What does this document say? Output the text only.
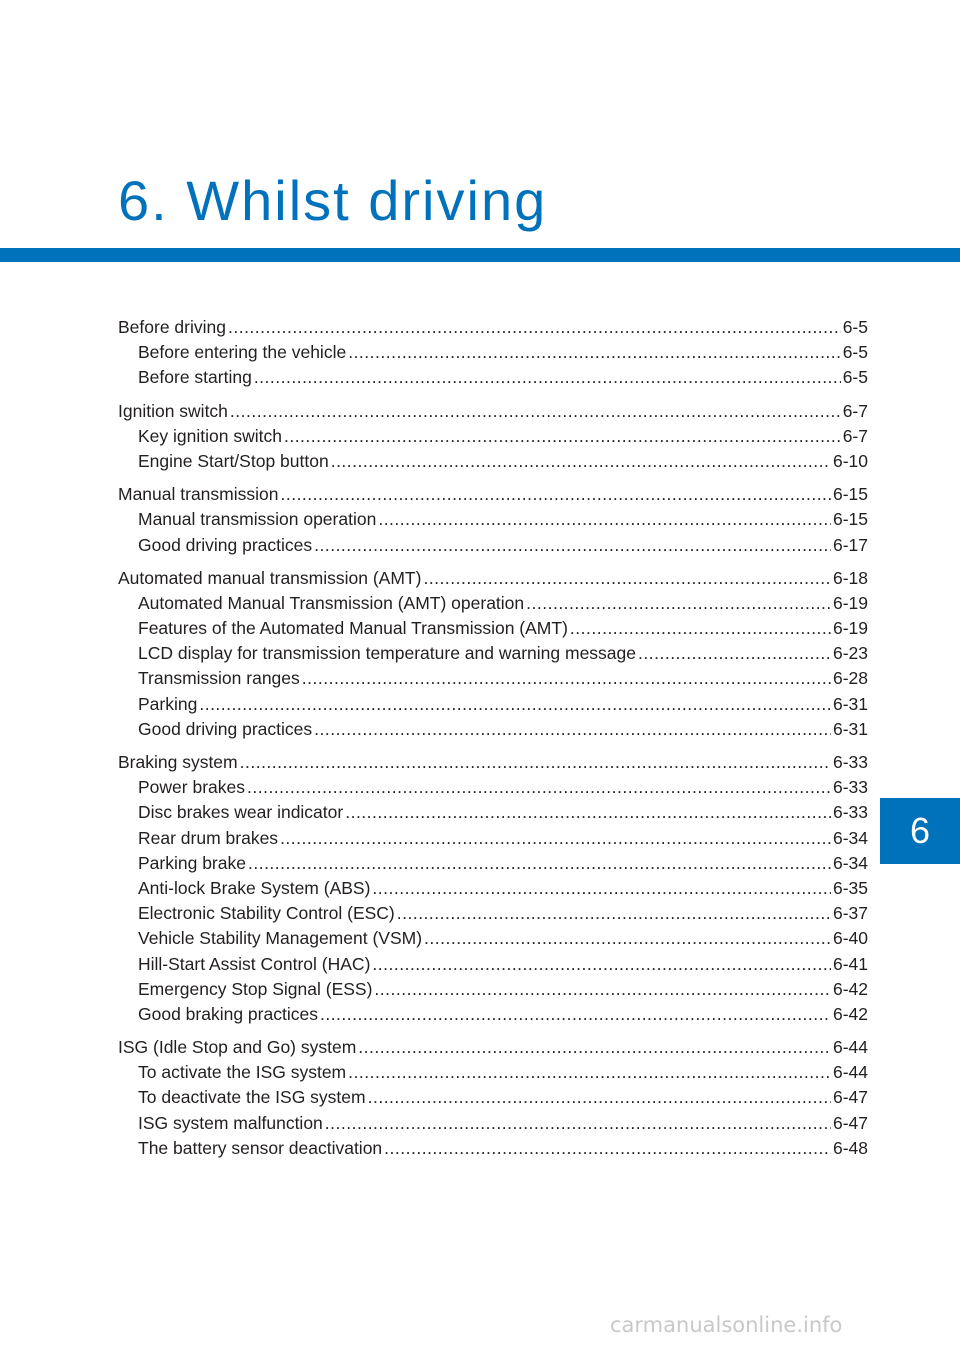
6. Whilst driving
Before driving .....	6-5
Before entering the vehicle .....	6-5
Before starting .....	6-5
Ignition switch .....	6-7
Key ignition switch .....	6-7
Engine Start/Stop button .....	6-10
Manual transmission .....	6-15
Manual transmission operation .....	6-15
Good driving practices .....	6-17
Automated manual transmission (AMT) .....	6-18
Automated Manual Transmission (AMT) operation .....	6-19
Features of the Automated Manual Transmission (AMT) .....	6-19
LCD display for transmission temperature and warning message .....	6-23
Transmission ranges .....	6-28
Parking .....	6-31
Good driving practices .....	6-31
Braking system .....	6-33
Power brakes .....	6-33
Disc brakes wear indicator .....	6-33
Rear drum brakes .....	6-34
Parking brake .....	6-34
Anti-lock Brake System (ABS) .....	6-35
Electronic Stability Control (ESC) .....	6-37
Vehicle Stability Management (VSM) .....	6-40
Hill-Start Assist Control (HAC) .....	6-41
Emergency Stop Signal (ESS) .....	6-42
Good braking practices .....	6-42
ISG (Idle Stop and Go) system .....	6-44
To activate the ISG system .....	6-44
To deactivate the ISG system .....	6-47
ISG system malfunction .....	6-47
The battery sensor deactivation .....	6-48
6
carmanualsonline.info
